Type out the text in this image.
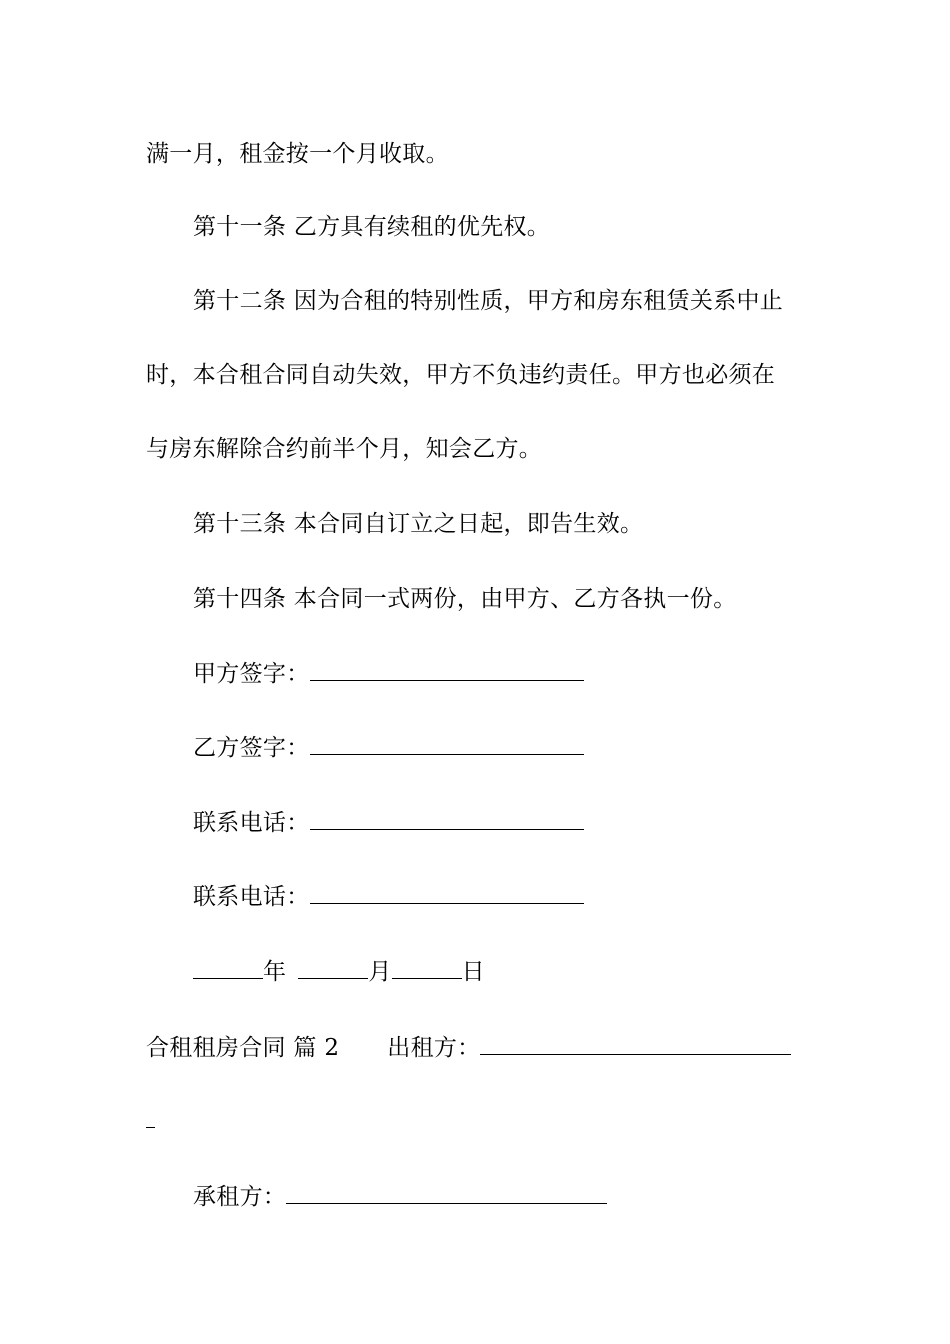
满一月，租金按一个月收取。
第十一条 乙方具有续租的优先权。
第十二条 因为合租的特别性质，甲方和房东租赁关系中止
时，本合租合同自动失效，甲方不负违约责任。甲方也必须在
与房东解除合约前半个月，知会乙方。
第十三条 本合同自订立之日起，即告生效。
第十四条 本合同一式两份，由甲方、乙方各执一份。
甲方签字：
乙方签字：
联系电话：
联系电话：
年	月	日
合租租房合同 篇 2 出租方：
承租方：
